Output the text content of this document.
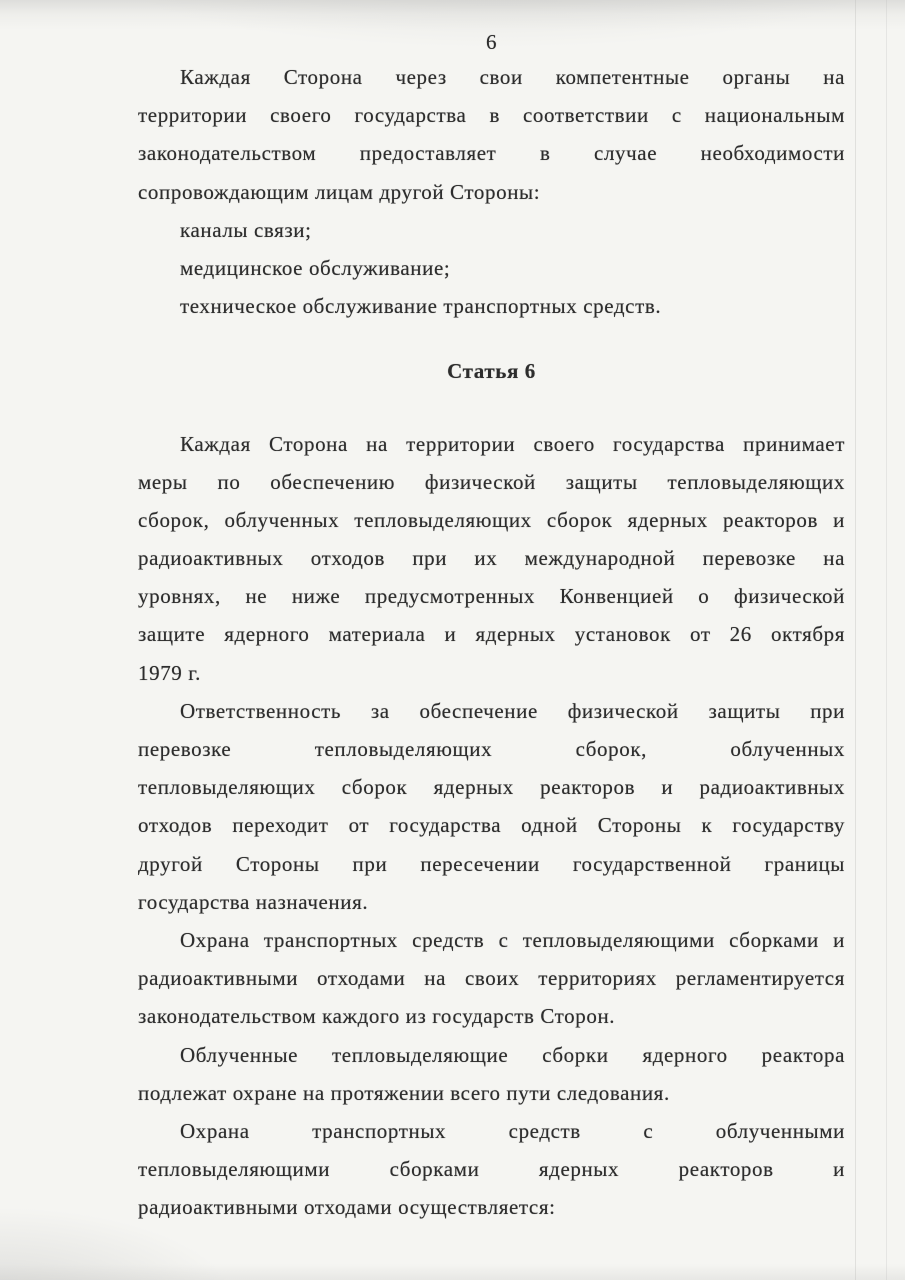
6
Каждая Сторона через свои компетентные органы на
территории своего государства в соответствии с национальным
законодательством предоставляет в случае необходимости
сопровождающим лицам другой Стороны:
каналы связи;
медицинское обслуживание;
техническое обслуживание транспортных средств.
Статья 6
Каждая Сторона на территории своего государства принимает
меры по обеспечению физической защиты тепловыделяющих
сборок, облученных тепловыделяющих сборок ядерных реакторов и
радиоактивных отходов при их международной перевозке на
уровнях, не ниже предусмотренных Конвенцией о физической
защите ядерного материала и ядерных установок от 26 октября
1979 г.
Ответственность за обеспечение физической защиты при
перевозке тепловыделяющих сборок, облученных
тепловыделяющих сборок ядерных реакторов и радиоактивных
отходов переходит от государства одной Стороны к государству
другой Стороны при пересечении государственной границы
государства назначения.
Охрана транспортных средств с тепловыделяющими сборками и
радиоактивными отходами на своих территориях регламентируется
законодательством каждого из государств Сторон.
Облученные тепловыделяющие сборки ядерного реактора
подлежат охране на протяжении всего пути следования.
Охрана транспортных средств с облученными
тепловыделяющими сборками ядерных реакторов и
радиоактивными отходами осуществляется:
